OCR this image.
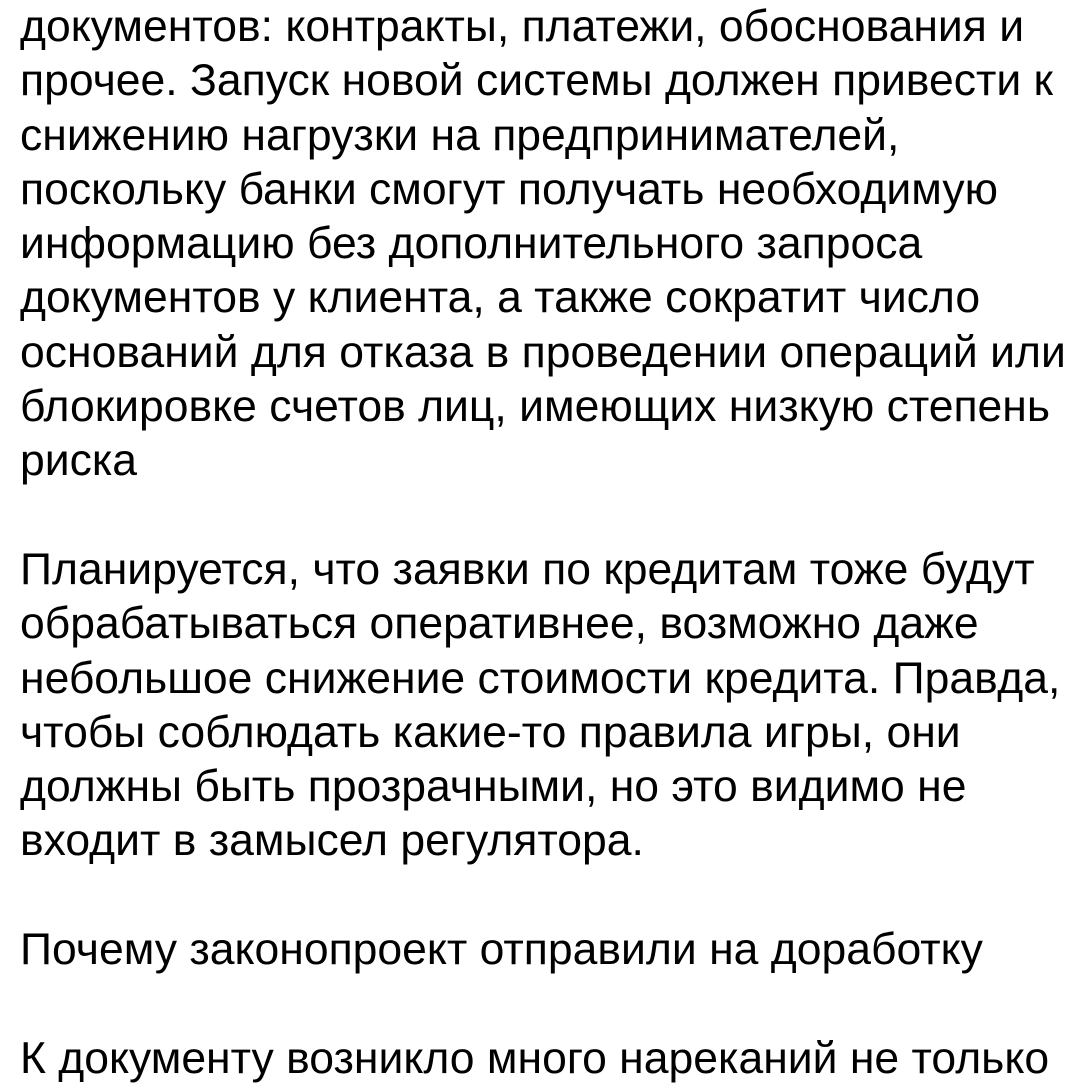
документов: контракты, платежи, обоснования и
прочее. Запуск новой системы должен привести к
снижению нагрузки на предпринимателей,
поскольку банки смогут получать необходимую
информацию без дополнительного запроса
документов у клиента, а также сократит число
оснований для отказа в проведении операций или
блокировке счетов лиц, имеющих низкую степень
риска
Планируется, что заявки по кредитам тоже будут
обрабатываться оперативнее, возможно даже
небольшое снижение стоимости кредита. Правда,
чтобы соблюдать какие-то правила игры, они
должны быть прозрачными, но это видимо не
входит в замысел регулятора.
Почему законопроект отправили на доработку
К документу возникло много нареканий не только
